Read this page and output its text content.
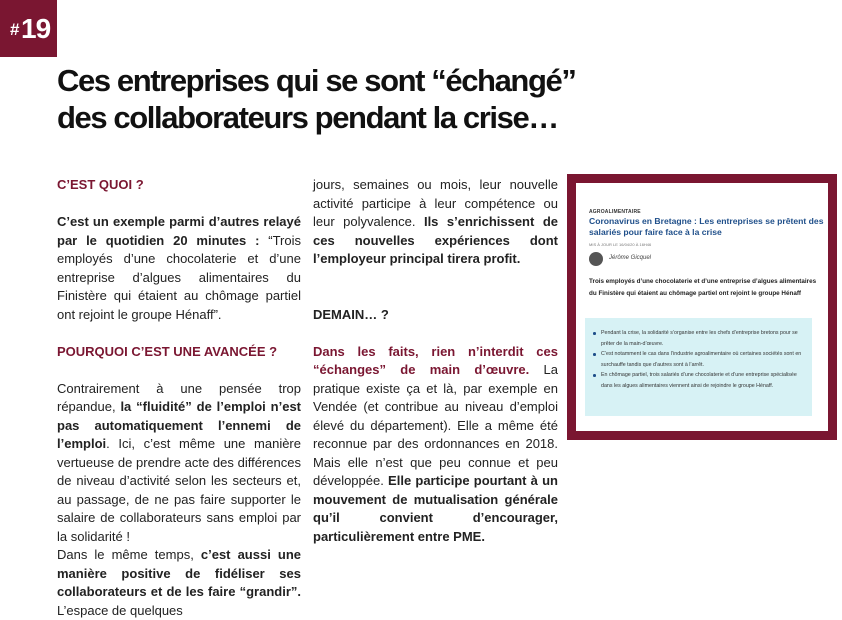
# 19
Ces entreprises qui se sont “échangé”
des collaborateurs pendant la crise…

C’EST QUOI ?

C’est un exemple parmi d’autres relayé par le quotidien 20 minutes : “Trois employés d’une chocolaterie et d’une entreprise d’algues alimentaires du Finistère qui étaient au chômage partiel ont rejoint le groupe Hénaff”.

POURQUOI C’EST UNE AVANCÉE ?

Contrairement à une pensée trop répandue, la “fluidité” de l’emploi n’est pas automatiquement l’ennemi de l’emploi. Ici, c’est même une manière vertueuse de prendre acte des différences de niveau d’activité selon les secteurs et, au passage, de ne pas faire supporter le salaire de collaborateurs sans emploi par la solidarité !

Dans le même temps, c’est aussi une manière positive de fidéliser ses collaborateurs et de les faire “grandir”. L’espace de quelques

jours, semaines ou mois, leur nouvelle activité participe à leur compétence ou leur polyvalence. Ils s’enrichissent de ces nouvelles expériences dont l’employeur principal tirera profit.

DEMAIN… ?

Dans les faits, rien n’interdit ces “échanges” de main d’œuvre. La pratique existe ça et là, par exemple en Vendée (et contribue au niveau d’emploi élevé du département). Elle a même été reconnue par des ordonnances en 2018. Mais elle n’est que peu connue et peu développée. Elle participe pourtant à un mouvement de mutualisation générale qu’il convient d’encourager, particulièrement entre PME.

AGROALIMENTAIRE
Coronavirus en Bretagne : Les entreprises se prêtent des salariés pour faire face à la crise
MIS À JOUR LE 16/04/20 À 16H46
Jérôme Gicquel
Trois employés d’une chocolaterie et d’une entreprise d’algues alimentaires du Finistère qui étaient au chômage partiel ont rejoint le groupe Hénaff
Pendant la crise, la solidarité s’organise entre les chefs d’entreprise bretons pour se prêter de la main-d’œuvre.
C’est notamment le cas dans l’industrie agroalimentaire où certaines sociétés sont en surchauffe tandis que d’autres sont à l’arrêt.
En chômage partiel, trois salariés d’une chocolaterie et d’une entreprise spécialisée dans les algues alimentaires viennent ainsi de rejoindre le groupe Hénaff.
